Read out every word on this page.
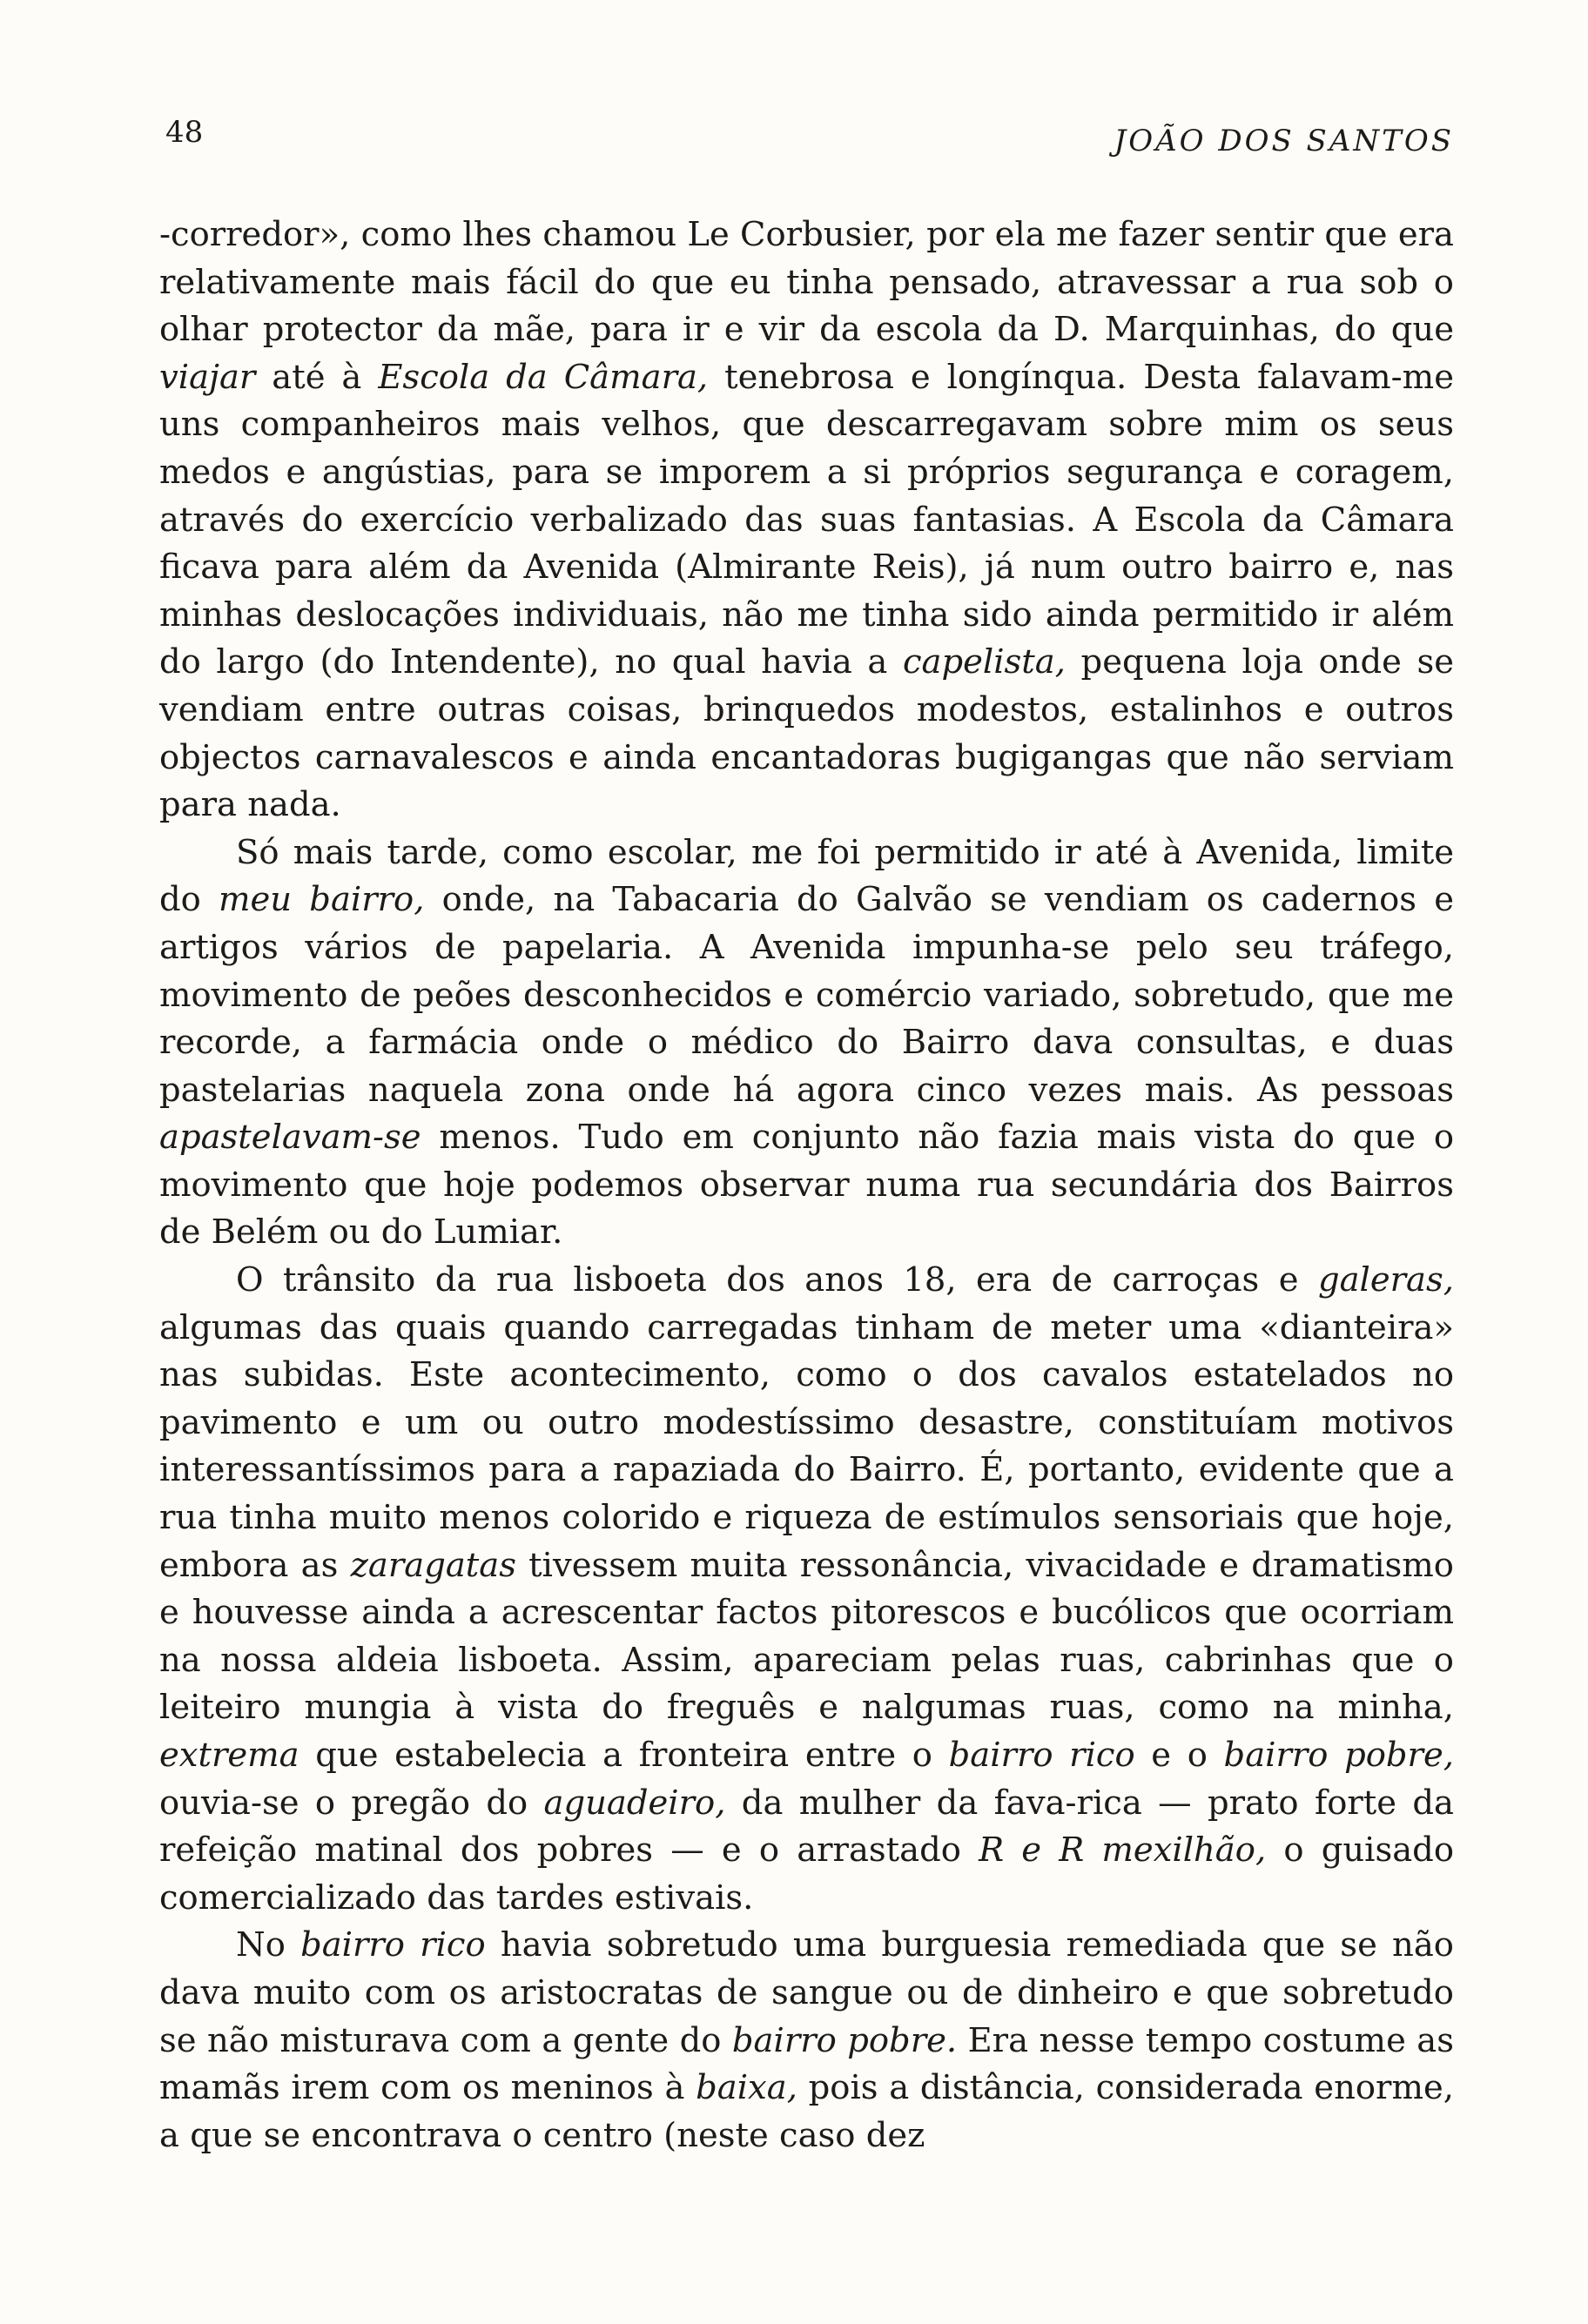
48	JOÃO DOS SANTOS

-corredor», como lhes chamou Le Corbusier, por ela me fazer sentir que era relativamente mais fácil do que eu tinha pensado, atravessar a rua sob o olhar protector da mãe, para ir e vir da escola da D. Marquinhas, do que viajar até à Escola da Câmara, tenebrosa e longínqua. Desta falavam-me uns companheiros mais velhos, que descarregavam sobre mim os seus medos e angústias, para se imporem a si próprios segurança e coragem, através do exercício verbalizado das suas fantasias. A Escola da Câmara ficava para além da Avenida (Almirante Reis), já num outro bairro e, nas minhas deslocações individuais, não me tinha sido ainda permitido ir além do largo (do Intendente), no qual havia a capelista, pequena loja onde se vendiam entre outras coisas, brinquedos modestos, estalinhos e outros objectos carnavalescos e ainda encantadoras bugigangas que não serviam para nada.

Só mais tarde, como escolar, me foi permitido ir até à Avenida, limite do meu bairro, onde, na Tabacaria do Galvão se vendiam os cadernos e artigos vários de papelaria. A Avenida impunha-se pelo seu tráfego, movimento de peões desconhecidos e comércio variado, sobretudo, que me recorde, a farmácia onde o médico do Bairro dava consultas, e duas pastelarias naquela zona onde há agora cinco vezes mais. As pessoas apastelavam-se menos. Tudo em conjunto não fazia mais vista do que o movimento que hoje podemos observar numa rua secundária dos Bairros de Belém ou do Lumiar.

O trânsito da rua lisboeta dos anos 18, era de carroças e galeras, algumas das quais quando carregadas tinham de meter uma «dianteira» nas subidas. Este acontecimento, como o dos cavalos estatelados no pavimento e um ou outro modestíssimo desastre, constituíam motivos interessantíssimos para a rapaziada do Bairro. É, portanto, evidente que a rua tinha muito menos colorido e riqueza de estímulos sensoriais que hoje, embora as zaragatas tivessem muita ressonância, vivacidade e dramatismo e houvesse ainda a acrescentar factos pitorescos e bucólicos que ocorriam na nossa aldeia lisboeta. Assim, apareciam pelas ruas, cabrinhas que o leiteiro mungia à vista do freguês e nalgumas ruas, como na minha, extrema que estabelecia a fronteira entre o bairro rico e o bairro pobre, ouvia-se o pregão do aguadeiro, da mulher da fava-rica — prato forte da refeição matinal dos pobres — e o arrastado R e R mexilhão, o guisado comercializado das tardes estivais.

No bairro rico havia sobretudo uma burguesia remediada que se não dava muito com os aristocratas de sangue ou de dinheiro e que sobretudo se não misturava com a gente do bairro pobre. Era nesse tempo costume as mamãs irem com os meninos à baixa, pois a distância, considerada enorme, a que se encontrava o centro (neste caso dez
